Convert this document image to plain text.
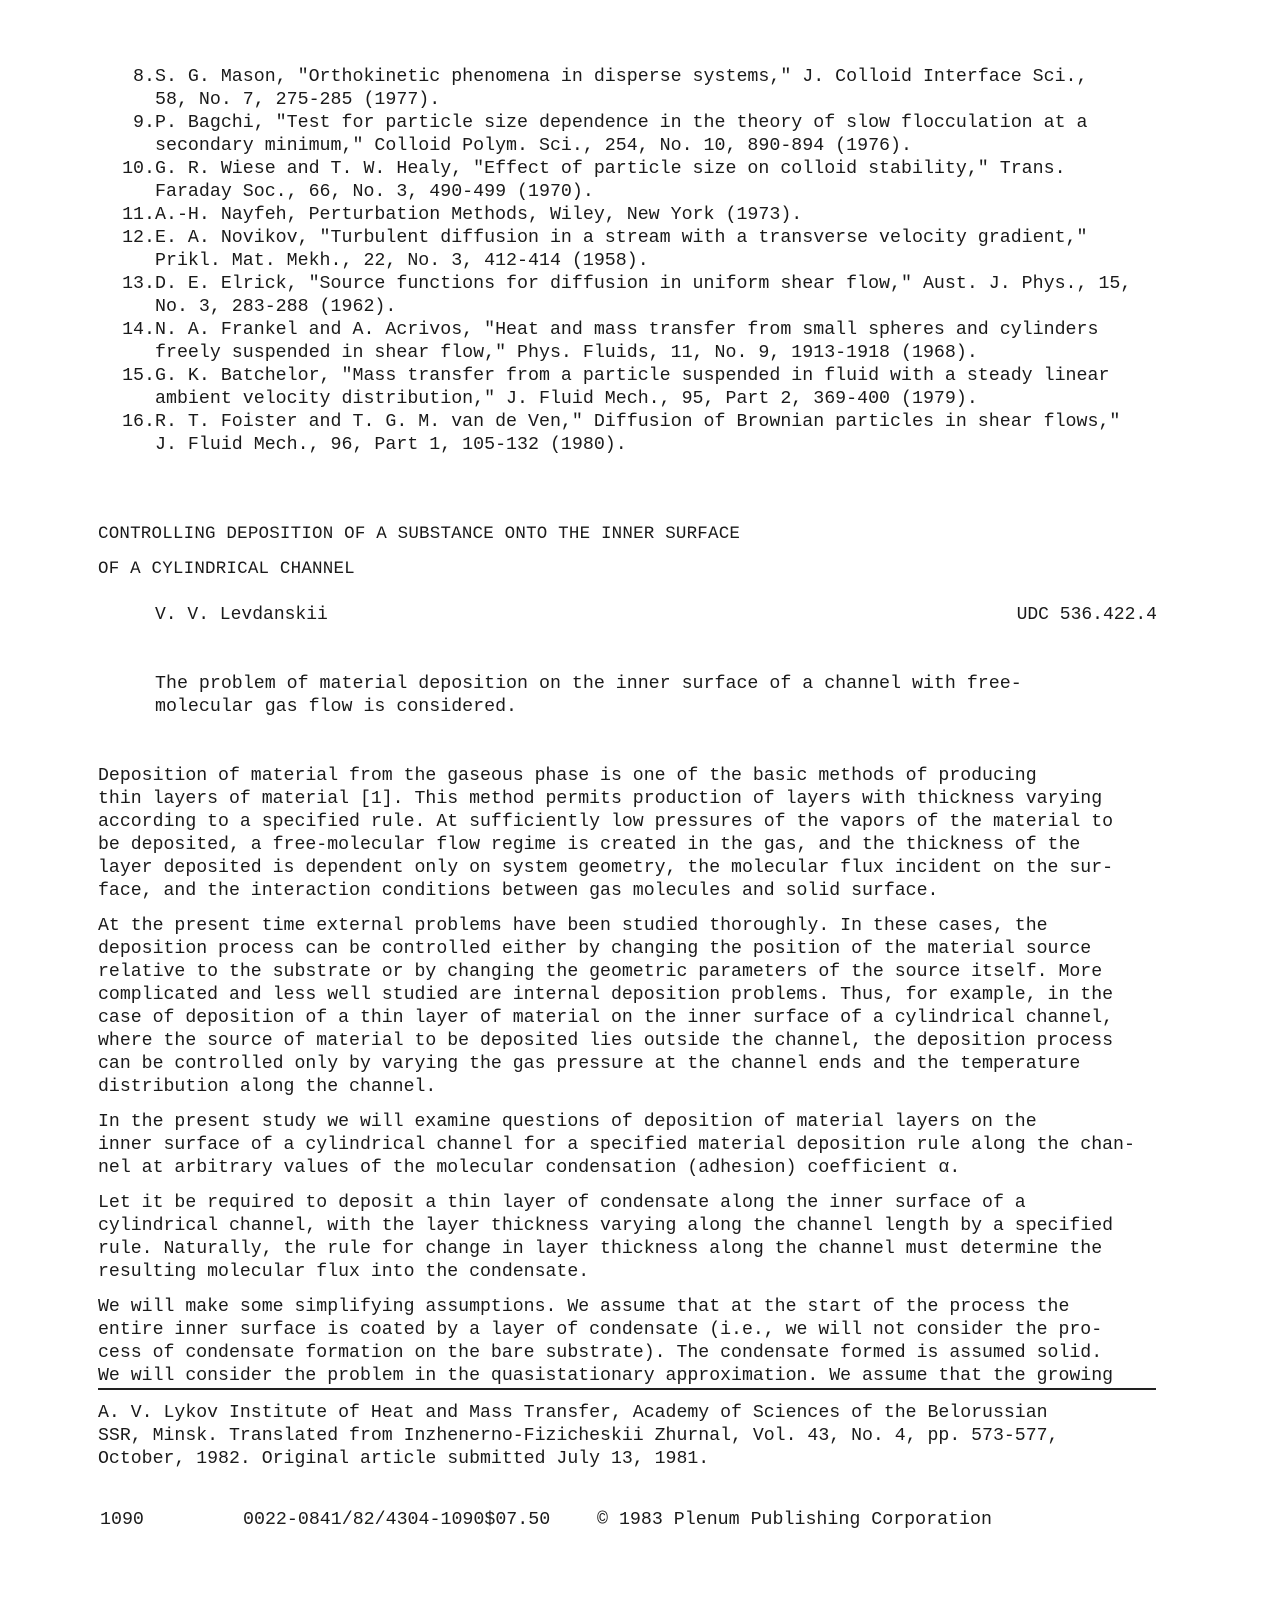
8. S. G. Mason, "Orthokinetic phenomena in disperse systems," J. Colloid Interface Sci.,
58, No. 7, 275-285 (1977).
9. P. Bagchi, "Test for particle size dependence in the theory of slow flocculation at a
secondary minimum," Colloid Polym. Sci., 254, No. 10, 890-894 (1976).
10. G. R. Wiese and T. W. Healy, "Effect of particle size on colloid stability," Trans.
Faraday Soc., 66, No. 3, 490-499 (1970).
11. A.-H. Nayfeh, Perturbation Methods, Wiley, New York (1973).
12. E. A. Novikov, "Turbulent diffusion in a stream with a transverse velocity gradient,"
Prikl. Mat. Mekh., 22, No. 3, 412-414 (1958).
13. D. E. Elrick, "Source functions for diffusion in uniform shear flow," Aust. J. Phys., 15,
No. 3, 283-288 (1962).
14. N. A. Frankel and A. Acrivos, "Heat and mass transfer from small spheres and cylinders
freely suspended in shear flow," Phys. Fluids, 11, No. 9, 1913-1918 (1968).
15. G. K. Batchelor, "Mass transfer from a particle suspended in fluid with a steady linear
ambient velocity distribution," J. Fluid Mech., 95, Part 2, 369-400 (1979).
16. R. T. Foister and T. G. M. van de Ven," Diffusion of Brownian particles in shear flows,"
J. Fluid Mech., 96, Part 1, 105-132 (1980).
CONTROLLING DEPOSITION OF A SUBSTANCE ONTO THE INNER SURFACE
OF A CYLINDRICAL CHANNEL
V. V. Levdanskii	UDC 536.422.4
The problem of material deposition on the inner surface of a channel with free-
molecular gas flow is considered.

Deposition of material from the gaseous phase is one of the basic methods of producing
thin layers of material [1]. This method permits production of layers with thickness varying
according to a specified rule. At sufficiently low pressures of the vapors of the material to
be deposited, a free-molecular flow regime is created in the gas, and the thickness of the
layer deposited is dependent only on system geometry, the molecular flux incident on the sur-
face, and the interaction conditions between gas molecules and solid surface.

At the present time external problems have been studied thoroughly. In these cases, the
deposition process can be controlled either by changing the position of the material source
relative to the substrate or by changing the geometric parameters of the source itself. More
complicated and less well studied are internal deposition problems. Thus, for example, in the
case of deposition of a thin layer of material on the inner surface of a cylindrical channel,
where the source of material to be deposited lies outside the channel, the deposition process
can be controlled only by varying the gas pressure at the channel ends and the temperature
distribution along the channel.

In the present study we will examine questions of deposition of material layers on the
inner surface of a cylindrical channel for a specified material deposition rule along the chan-
nel at arbitrary values of the molecular condensation (adhesion) coefficient α.

Let it be required to deposit a thin layer of condensate along the inner surface of a
cylindrical channel, with the layer thickness varying along the channel length by a specified
rule. Naturally, the rule for change in layer thickness along the channel must determine the
resulting molecular flux into the condensate.

We will make some simplifying assumptions. We assume that at the start of the process the
entire inner surface is coated by a layer of condensate (i.e., we will not consider the pro-
cess of condensate formation on the bare substrate). The condensate formed is assumed solid.
We will consider the problem in the quasistationary approximation. We assume that the growing

A. V. Lykov Institute of Heat and Mass Transfer, Academy of Sciences of the Belorussian
SSR, Minsk. Translated from Inzhenerno-Fizicheskii Zhurnal, Vol. 43, No. 4, pp. 573-577,
October, 1982. Original article submitted July 13, 1981.
1090	0022-0841/82/4304-1090$07.50	© 1983 Plenum Publishing Corporation
